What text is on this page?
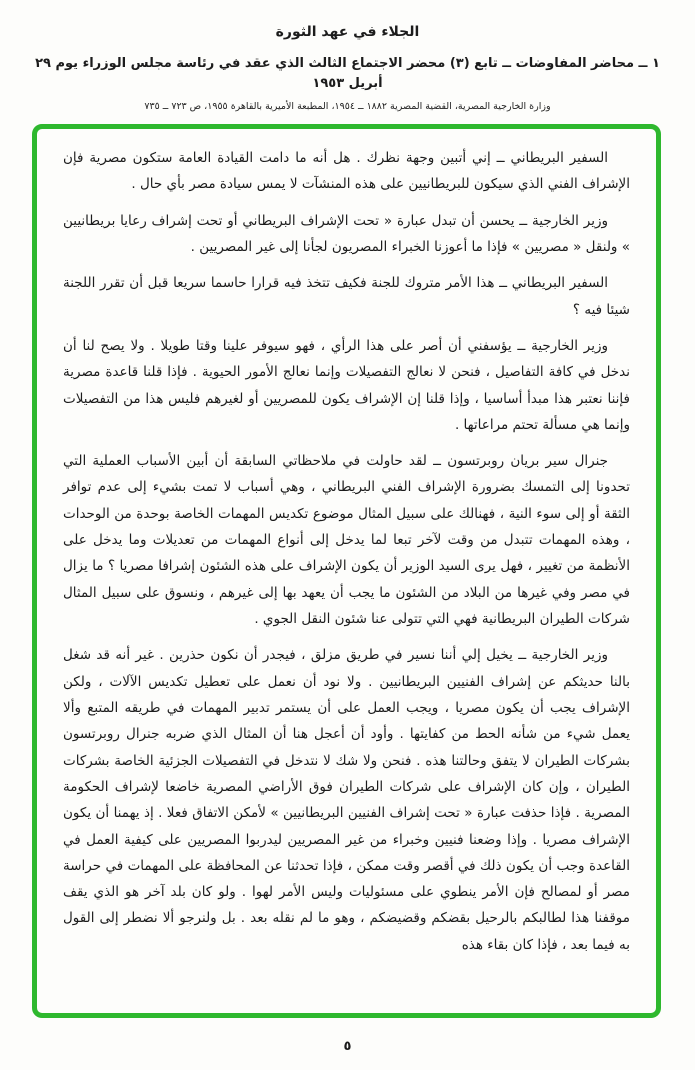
الجلاء في عهد الثورة
١ ــ محاضر المفاوضات ــ تابع (٣) محضر الاجتماع الثالث الذي عقد في رئاسة مجلس الوزراء يوم ٢٩ أبريل ١٩٥٣
وزارة الخارجية المصرية، القضية المصرية ١٨٨٢ ــ ١٩٥٤، المطبعة الأميرية بالقاهرة ١٩٥٥، ص ٧٢٣ ــ ٧٣٥

السفير البريطاني ــ إني أتبين وجهة نظرك . هل أنه ما دامت القيادة العامة ستكون مصرية فإن الإشراف الفني الذي سيكون للبريطانيين على هذه المنشآت لا يمس سيادة مصر بأي حال .

وزير الخارجية ــ يحسن أن تبدل عبارة « تحت الإشراف البريطاني أو تحت إشراف رعايا بريطانيين » ولنقل « مصريين » فإذا ما أعوزنا الخبراء المصريون لجأنا إلى غير المصريين .

السفير البريطاني ــ هذا الأمر متروك للجنة فكيف تتخذ فيه قرارا حاسما سريعا قبل أن تقرر اللجنة شيئا فيه ؟

وزير الخارجية ــ يؤسفني أن أصر على هذا الرأي ، فهو سيوفر علينا وقتا طويلا . ولا يصح لنا أن ندخل في كافة التفاصيل ، فنحن لا نعالج التفصيلات وإنما نعالج الأمور الحيوية . فإذا قلنا قاعدة مصرية فإننا نعتبر هذا مبدأ أساسيا ، وإذا قلنا إن الإشراف يكون للمصريين أو لغيرهم فليس هذا من التفصيلات وإنما هي مسألة تحتم مراعاتها .

جنرال سير بريان روبرتسون ــ لقد حاولت في ملاحظاتي السابقة أن أبين الأسباب العملية التي تحدونا إلى التمسك بضرورة الإشراف الفني البريطاني ، وهي أسباب لا تمت بشيء إلى عدم توافر الثقة أو إلى سوء النية ، فهنالك على سبيل المثال موضوع تكديس المهمات الخاصة بوحدة من الوحدات ، وهذه المهمات تتبدل من وقت لآخر تبعا لما يدخل إلى أنواع المهمات من تعديلات وما يدخل على الأنظمة من تغيير ، فهل يرى السيد الوزير أن يكون الإشراف على هذه الشئون إشرافا مصريا ؟ ما يزال في مصر وفي غيرها من البلاد من الشئون ما يجب أن يعهد بها إلى غيرهم ، ونسوق على سبيل المثال شركات الطيران البريطانية فهي التي تتولى عنا شئون النقل الجوي .

وزير الخارجية ــ يخيل إلي أننا نسير في طريق مزلق ، فيجدر أن نكون حذرين . غير أنه قد شغل بالنا حديثكم عن إشراف الفنيين البريطانيين . ولا نود أن نعمل على تعطيل تكديس الآلات ، ولكن الإشراف يجب أن يكون مصريا ، ويجب العمل على أن يستمر تدبير المهمات في طريقه المتبع وألا يعمل شيء من شأنه الحط من كفايتها . وأود أن أعجل هنا أن المثال الذي ضربه جنرال روبرتسون بشركات الطيران لا يتفق وحالتنا هذه . فنحن ولا شك لا نتدخل في التفصيلات الجزئية الخاصة بشركات الطيران ، وإن كان الإشراف على شركات الطيران فوق الأراضي المصرية خاضعا لإشراف الحكومة المصرية . فإذا حذفت عبارة « تحت إشراف الفنيين البريطانيين » لأمكن الاتفاق فعلا . إذ يهمنا أن يكون الإشراف مصريا . وإذا وضعنا فنيين وخبراء من غير المصريين ليدربوا المصريين على كيفية العمل في القاعدة وجب أن يكون ذلك في أقصر وقت ممكن ، فإذا تحدثنا عن المحافظة على المهمات في حراسة مصر أو لمصالح فإن الأمر ينطوي على مسئوليات وليس الأمر لهوا . ولو كان بلد آخر هو الذي يقف موقفنا هذا لطالبكم بالرحيل بقضكم وقضيضكم ، وهو ما لم نقله بعد . بل ولنرجو ألا نضطر إلى القول به فيما بعد ، فإذا كان بقاء هذه

٥
